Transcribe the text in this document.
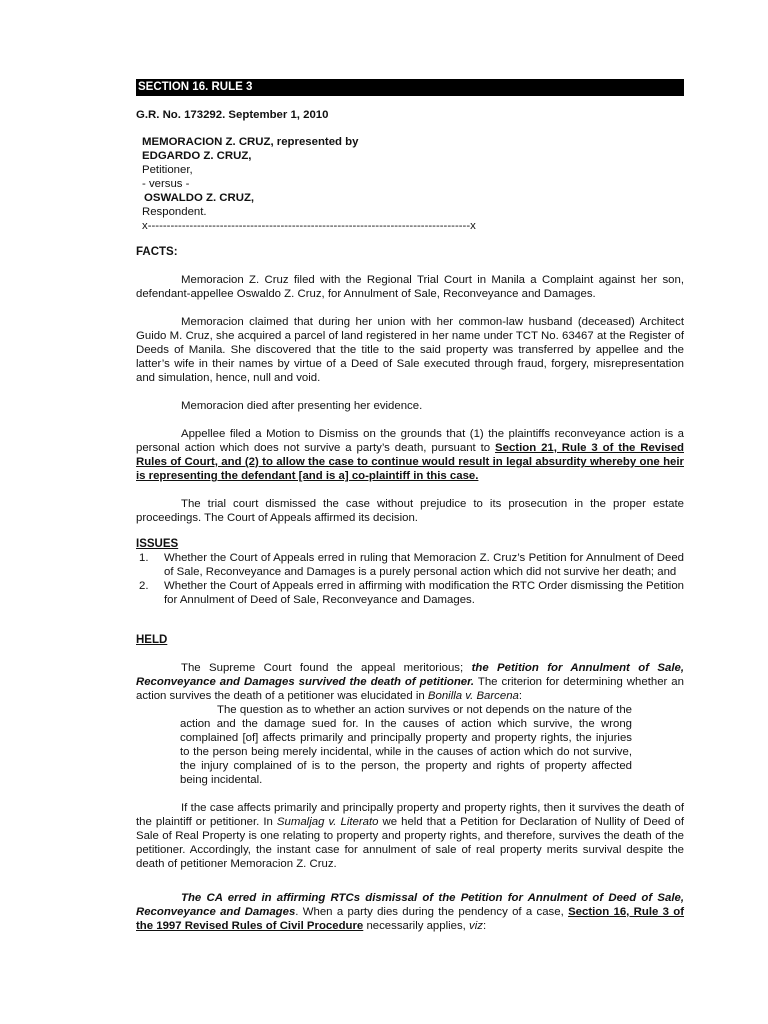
SECTION 16. RULE 3
G.R. No. 173292. September 1, 2010
MEMORACION Z. CRUZ, represented by
EDGARDO Z. CRUZ,
Petitioner,
- versus -
OSWALDO Z. CRUZ,
Respondent.
x-------------------------------------------------------------------------------------x
FACTS:

Memoracion Z. Cruz filed with the Regional Trial Court in Manila a Complaint against her son, defendant-appellee Oswaldo Z. Cruz, for Annulment of Sale, Reconveyance and Damages.

Memoracion claimed that during her union with her common-law husband (deceased) Architect Guido M. Cruz, she acquired a parcel of land registered in her name under TCT No. 63467 at the Register of Deeds of Manila. She discovered that the title to the said property was transferred by appellee and the latter’s wife in their names by virtue of a Deed of Sale executed through fraud, forgery, misrepresentation and simulation, hence, null and void.

Memoracion died after presenting her evidence.

Appellee filed a Motion to Dismiss on the grounds that (1) the plaintiffs reconveyance action is a personal action which does not survive a party’s death, pursuant to Section 21, Rule 3 of the Revised Rules of Court, and (2) to allow the case to continue would result in legal absurdity whereby one heir is representing the defendant [and is a] co-plaintiff in this case.

The trial court dismissed the case without prejudice to its prosecution in the proper estate proceedings. The Court of Appeals affirmed its decision.

ISSUES
1. Whether the Court of Appeals erred in ruling that Memoracion Z. Cruz’s Petition for Annulment of Deed of Sale, Reconveyance and Damages is a purely personal action which did not survive her death; and
2. Whether the Court of Appeals erred in affirming with modification the RTC Order dismissing the Petition for Annulment of Deed of Sale, Reconveyance and Damages.
HELD

The Supreme Court found the appeal meritorious; the Petition for Annulment of Sale, Reconveyance and Damages survived the death of petitioner. The criterion for determining whether an action survives the death of a petitioner was elucidated in Bonilla v. Barcena:

The question as to whether an action survives or not depends on the nature of the action and the damage sued for. In the causes of action which survive, the wrong complained [of] affects primarily and principally property and property rights, the injuries to the person being merely incidental, while in the causes of action which do not survive, the injury complained of is to the person, the property and rights of property affected being incidental.

If the case affects primarily and principally property and property rights, then it survives the death of the plaintiff or petitioner. In Sumaljag v. Literato we held that a Petition for Declaration of Nullity of Deed of Sale of Real Property is one relating to property and property rights, and therefore, survives the death of the petitioner. Accordingly, the instant case for annulment of sale of real property merits survival despite the death of petitioner Memoracion Z. Cruz.

The CA erred in affirming RTCs dismissal of the Petition for Annulment of Deed of Sale, Reconveyance and Damages. When a party dies during the pendency of a case, Section 16, Rule 3 of the 1997 Revised Rules of Civil Procedure necessarily applies, viz:
